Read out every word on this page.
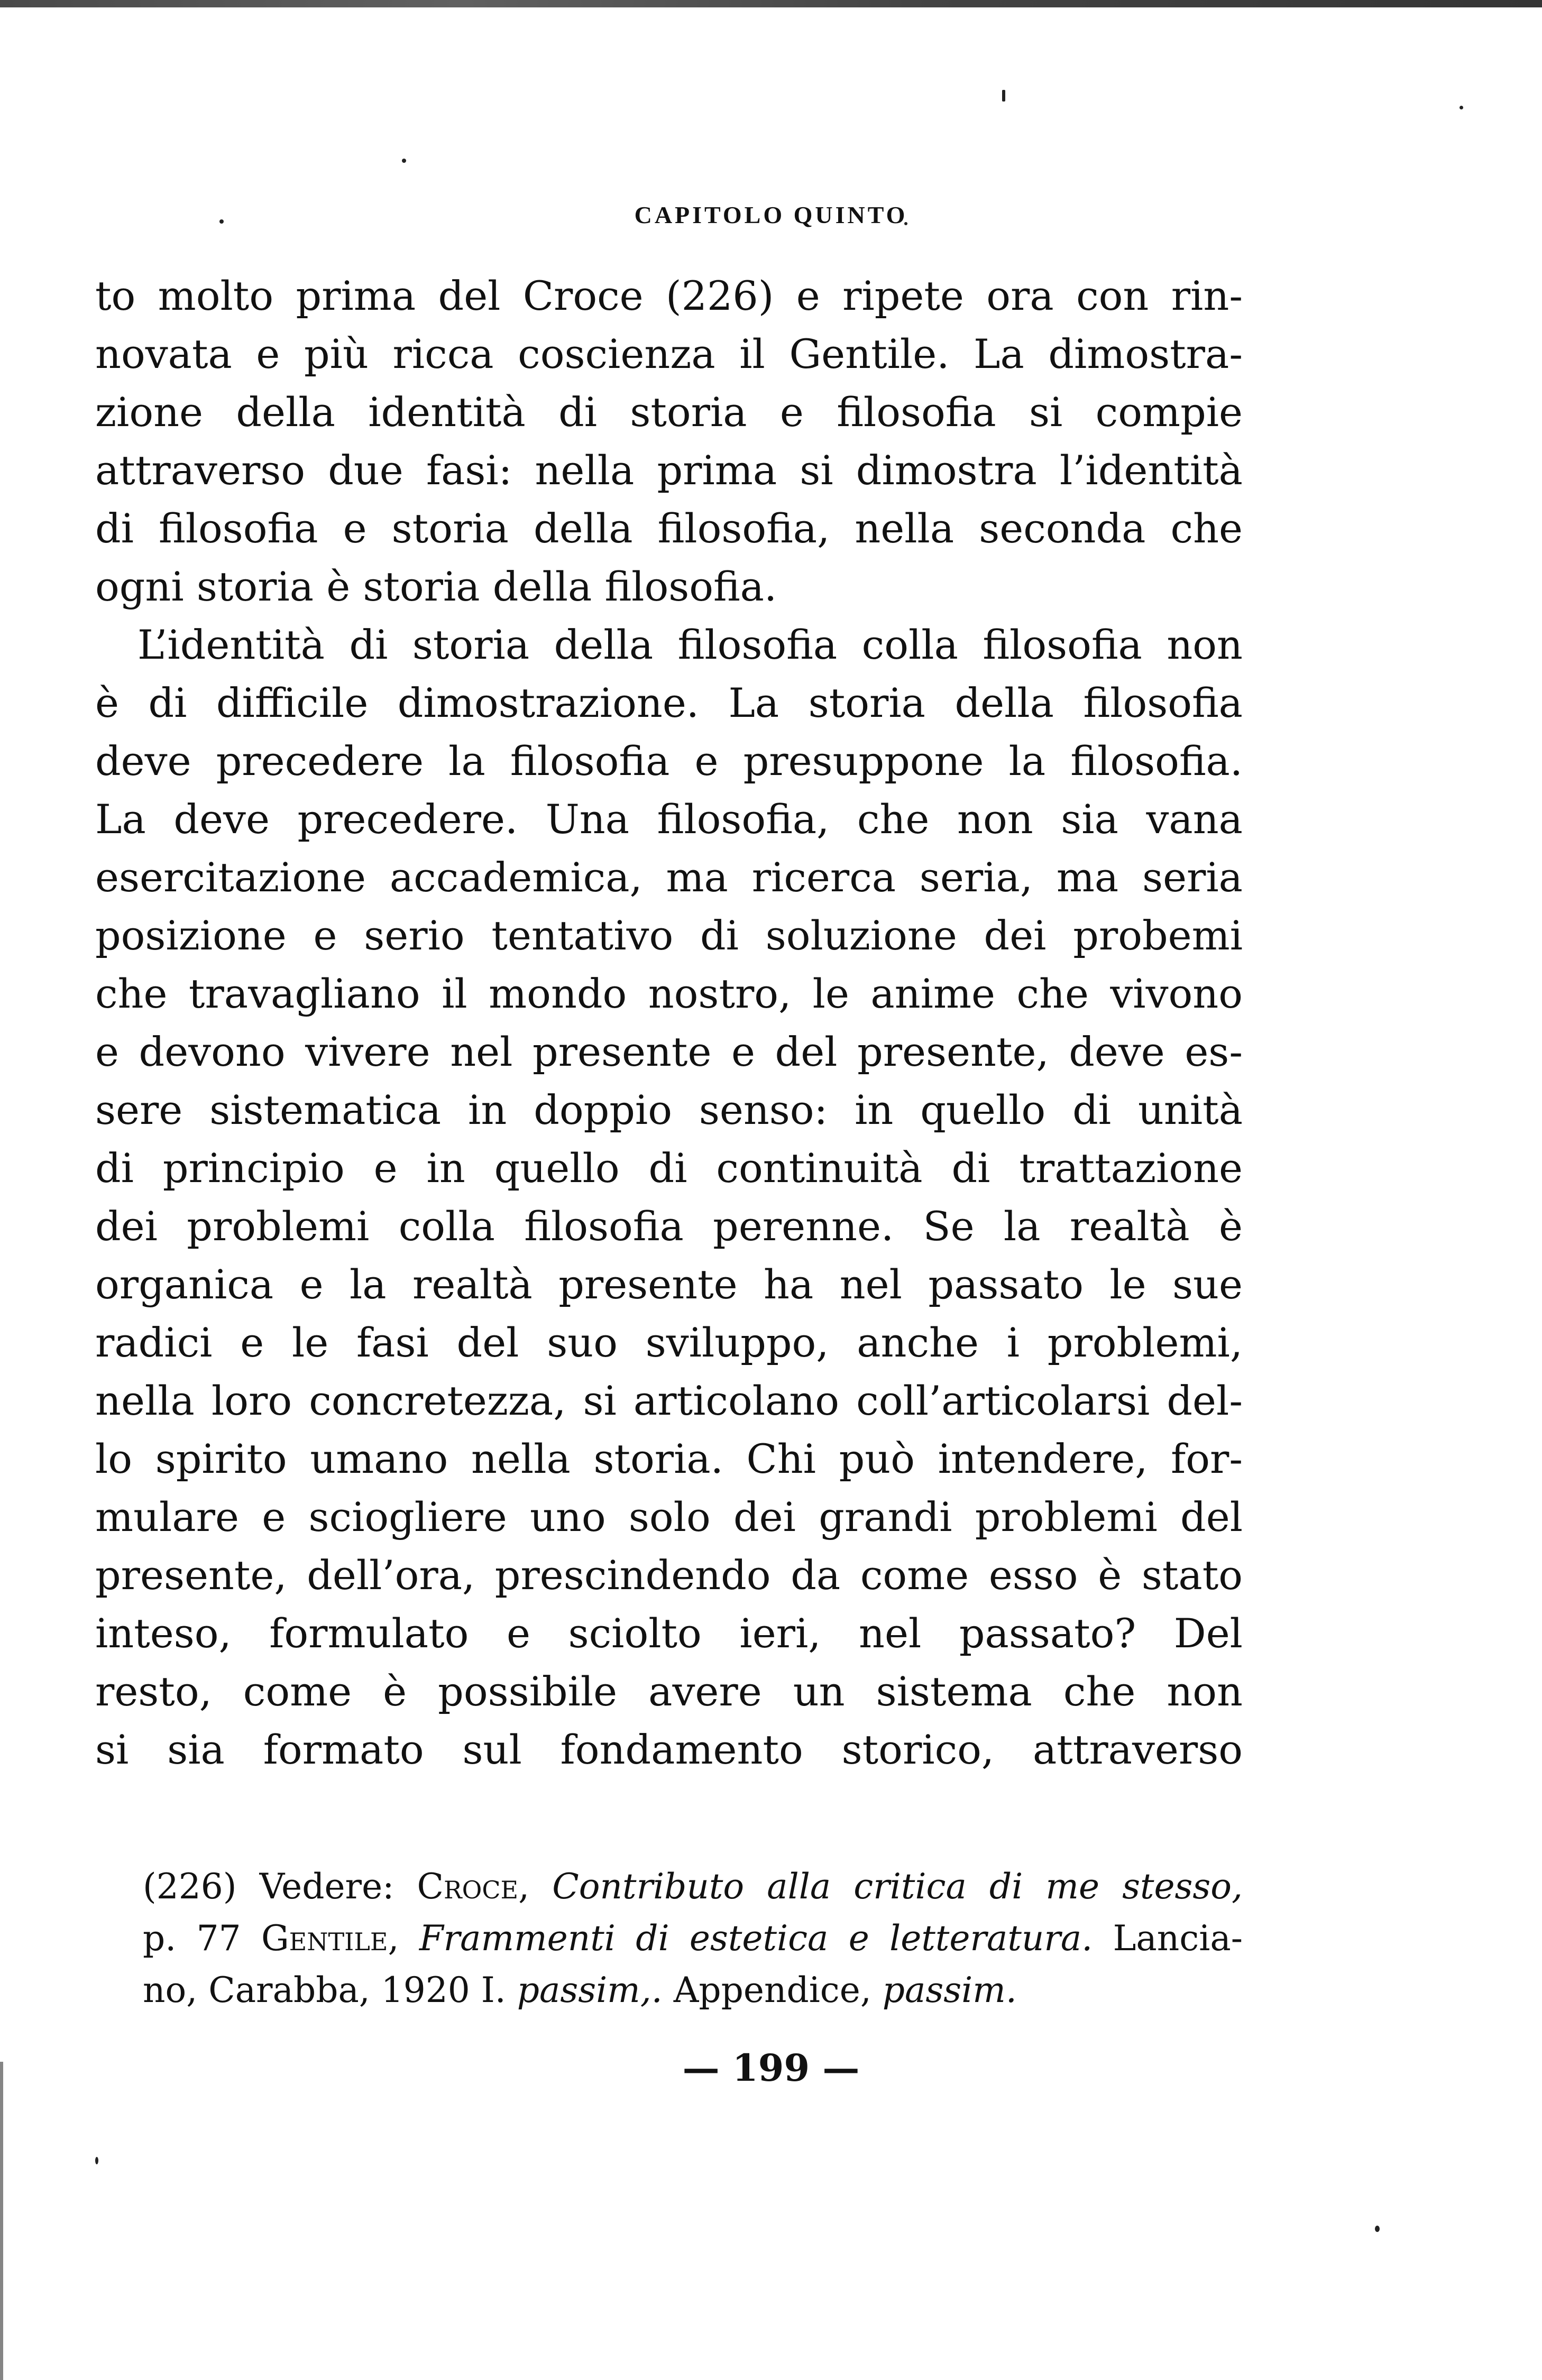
CAPITOLO QUINTO
to molto prima del Croce (226) e ripete ora con rin-
novata e più ricca coscienza il Gentile. La dimostra-
zione della identità di storia e filosofia si compie
attraverso due fasi: nella prima si dimostra l’identità
di filosofia e storia della filosofia, nella seconda che
ogni storia è storia della filosofia.
L’identità di storia della filosofia colla filosofia non
è di difficile dimostrazione. La storia della filosofia
deve precedere la filosofia e presuppone la filosofia.
La deve precedere. Una filosofia, che non sia vana
esercitazione accademica, ma ricerca seria, ma seria
posizione e serio tentativo di soluzione dei probemi
che travagliano il mondo nostro, le anime che vivono
e devono vivere nel presente e del presente, deve es-
sere sistematica in doppio senso: in quello di unità
di principio e in quello di continuità di trattazione
dei problemi colla filosofia perenne. Se la realtà è
organica e la realtà presente ha nel passato le sue
radici e le fasi del suo sviluppo, anche i problemi,
nella loro concretezza, si articolano coll’articolarsi del-
lo spirito umano nella storia. Chi può intendere, for-
mulare e sciogliere uno solo dei grandi problemi del
presente, dell’ora, prescindendo da come esso è stato
inteso, formulato e sciolto ieri, nel passato? Del
resto, come è possibile avere un sistema che non
si sia formato sul fondamento storico, attraverso
(226) Vedere: Croce, Contributo alla critica di me stesso,
p. 77 Gentile, Frammenti di estetica e letteratura. Lancia-
no, Carabba, 1920 I. passim,. Appendice, passim.
— 199 —
